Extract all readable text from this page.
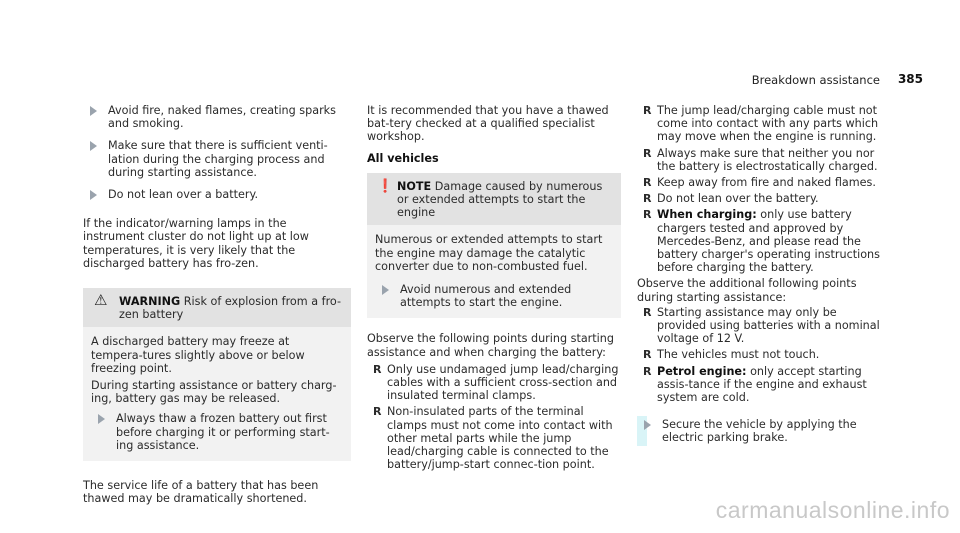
Breakdown assistance 385
Avoid fire, naked flames, creating sparks and smoking.
Make sure that there is sufficient venti-lation during the charging process and during starting assistance.
Do not lean over a battery.

If the indicator/warning lamps in the instrument cluster do not light up at low temperatures, it is very likely that the discharged battery has fro-zen.

⚠ WARNING Risk of explosion from a fro-zen battery

A discharged battery may freeze at tempera-tures slightly above or below freezing point.

During starting assistance or battery charg-ing, battery gas may be released.

Always thaw a frozen battery out first before charging it or performing start-ing assistance.

The service life of a battery that has been thawed may be dramatically shortened.

It is recommended that you have a thawed bat-tery checked at a qualified specialist workshop.

All vehicles

❗ NOTE Damage caused by numerous or extended attempts to start the engine

Numerous or extended attempts to start the engine may damage the catalytic converter due to non-combusted fuel.

Avoid numerous and extended attempts to start the engine.

Observe the following points during starting assistance and when charging the battery:

R Only use undamaged jump lead/charging cables with a sufficient cross-section and insulated terminal clamps.
R Non-insulated parts of the terminal clamps must not come into contact with other metal parts while the jump lead/charging cable is connected to the battery/jump-start connec-tion point.
R The jump lead/charging cable must not come into contact with any parts which may move when the engine is running.
R Always make sure that neither you nor the battery is electrostatically charged.
R Keep away from fire and naked flames.
R Do not lean over the battery.
R When charging: only use battery chargers tested and approved by Mercedes-Benz, and please read the battery charger's operating instructions before charging the battery.

Observe the additional following points during starting assistance:

R Starting assistance may only be provided using batteries with a nominal voltage of 12 V.
R The vehicles must not touch.
R Petrol engine: only accept starting assis-tance if the engine and exhaust system are cold.
Secure the vehicle by applying the electric parking brake.
carmanualsonline.info
